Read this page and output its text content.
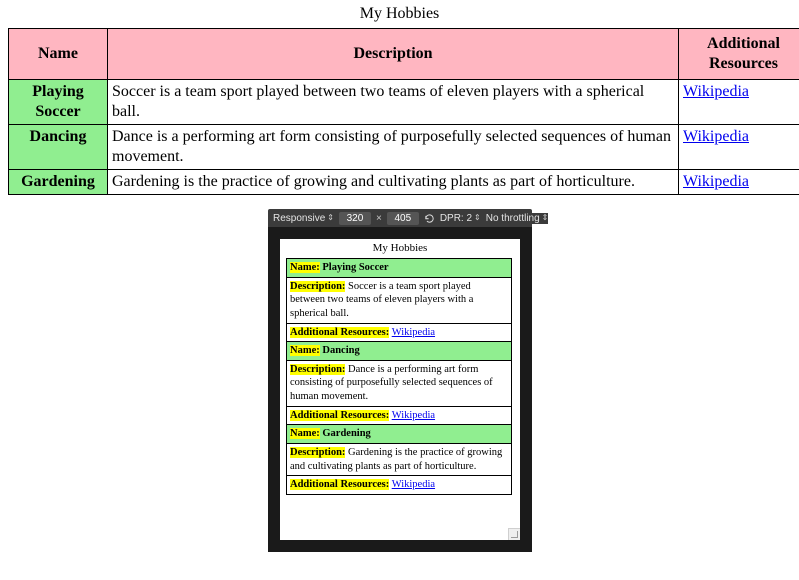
My Hobbies
Name	Description	Additional Resources
Playing Soccer	Soccer is a team sport played between two teams of eleven players with a spherical ball.	Wikipedia
Dancing	Dance is a performing art form consisting of purposefully selected sequences of human movement.	Wikipedia
Gardening	Gardening is the practice of growing and cultivating plants as part of horticulture.	Wikipedia
Responsive ⇕	320	×	405	DPR: 2 ⇕ No throttling ⇕
My Hobbies
Name: Playing Soccer
Description: Soccer is a team sport played between two teams of eleven players with a spherical ball.
Additional Resources: Wikipedia
Name: Dancing
Description: Dance is a performing art form consisting of purposefully selected sequences of human movement.
Additional Resources: Wikipedia
Name: Gardening
Description: Gardening is the practice of growing and cultivating plants as part of horticulture.
Additional Resources: Wikipedia
